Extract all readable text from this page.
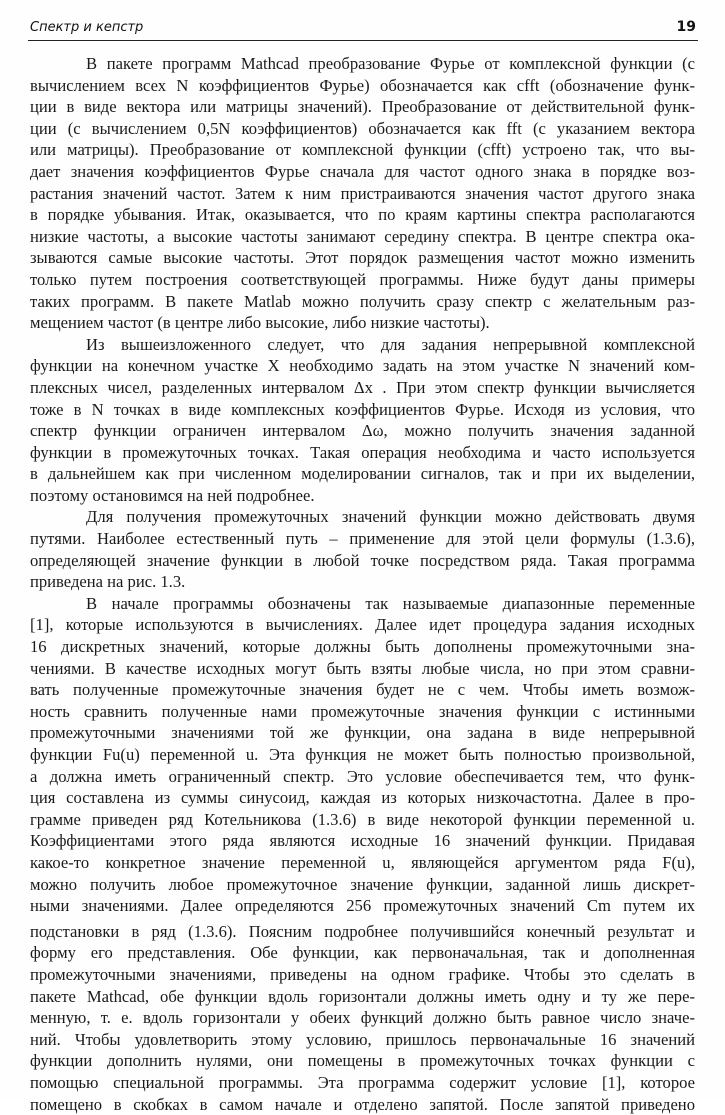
Спектр и кепстр	19
В пакете программ Mathcad преобразование Фурье от комплексной функции (с
вычислением всех N коэффициентов Фурье) обозначается как cfft (обозначение функ-
ции в виде вектора или матрицы значений). Преобразование от действительной функ-
ции (с вычислением 0,5N коэффициентов) обозначается как fft (с указанием вектора
или матрицы). Преобразование от комплексной функции (cfft) устроено так, что вы-
дает значения коэффициентов Фурье сначала для частот одного знака в порядке воз-
растания значений частот. Затем к ним пристраиваются значения частот другого знака
в порядке убывания. Итак, оказывается, что по краям картины спектра располагаются
низкие частоты, а высокие частоты занимают середину спектра. В центре спектра ока-
зываются самые высокие частоты. Этот порядок размещения частот можно изменить
только путем построения соответствующей программы. Ниже будут даны примеры
таких программ. В пакете Matlab можно получить сразу спектр с желательным раз-
мещением частот (в центре либо высокие, либо низкие частоты).
Из вышеизложенного следует, что для задания непрерывной комплексной
функции на конечном участке X необходимо задать на этом участке N значений ком-
плексных чисел, разделенных интервалом Δx . При этом спектр функции вычисляется
тоже в N точках в виде комплексных коэффициентов Фурье. Исходя из условия, что
спектр функции ограничен интервалом Δω, можно получить значения заданной
функции в промежуточных точках. Такая операция необходима и часто используется
в дальнейшем как при численном моделировании сигналов, так и при их выделении,
поэтому остановимся на ней подробнее.
Для получения промежуточных значений функции можно действовать двумя
путями. Наиболее естественный путь – применение для этой цели формулы (1.3.6),
определяющей значение функции в любой точке посредством ряда. Такая программа
приведена на рис. 1.3.
В начале программы обозначены так называемые диапазонные переменные
[1], которые используются в вычислениях. Далее идет процедура задания исходных
16 дискретных значений, которые должны быть дополнены промежуточными зна-
чениями. В качестве исходных могут быть взяты любые числа, но при этом сравни-
вать полученные промежуточные значения будет не с чем. Чтобы иметь возмож-
ность сравнить полученные нами промежуточные значения функции с истинными
промежуточными значениями той же функции, она задана в виде непрерывной
функции Fu(u) переменной u. Эта функция не может быть полностью произвольной,
а должна иметь ограниченный спектр. Это условие обеспечивается тем, что функ-
ция составлена из суммы синусоид, каждая из которых низкочастотна. Далее в про-
грамме приведен ряд Котельникова (1.3.6) в виде некоторой функции переменной u.
Коэффициентами этого ряда являются исходные 16 значений функции. Придавая
какое-то конкретное значение переменной u, являющейся аргументом ряда F(u),
можно получить любое промежуточное значение функции, заданной лишь дискрет-
ными значениями. Далее определяются 256 промежуточных значений Cm путем их
подстановки в ряд (1.3.6). Поясним подробнее получившийся конечный результат и
форму его представления. Обе функции, как первоначальная, так и дополненная
промежуточными значениями, приведены на одном графике. Чтобы это сделать в
пакете Mathcad, обе функции вдоль горизонтали должны иметь одну и ту же пере-
менную, т. е. вдоль горизонтали у обеих функций должно быть равное число значе-
ний. Чтобы удовлетворить этому условию, пришлось первоначальные 16 значений
функции дополнить нулями, они помещены в промежуточных точках функции с
помощью специальной программы. Эта программа содержит условие [1], которое
помещено в скобках в самом начале и отделено запятой. После запятой приведено
